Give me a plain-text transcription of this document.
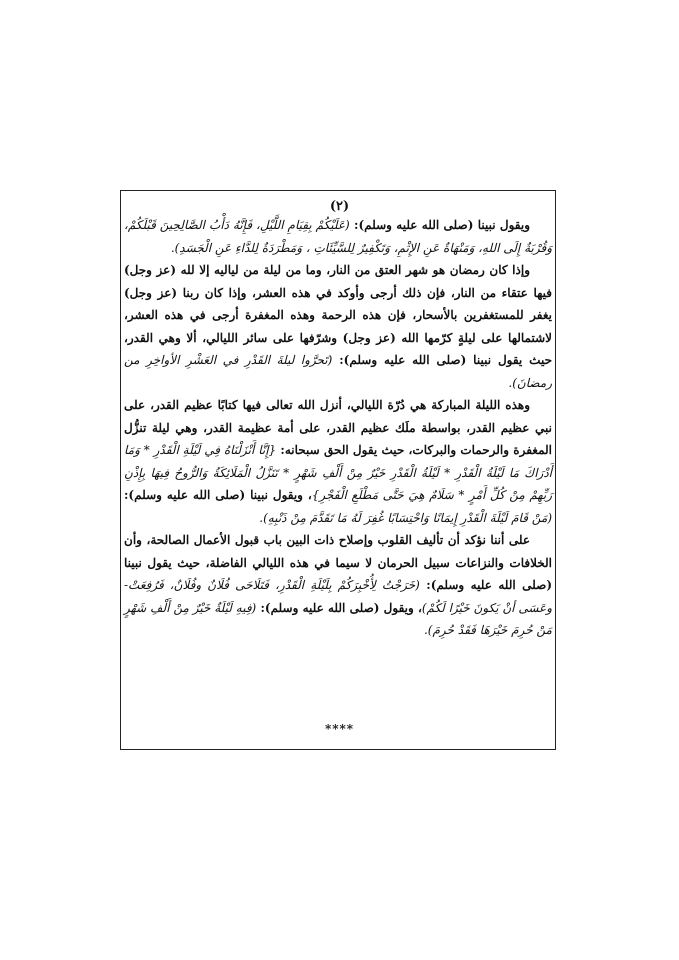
(٢)

ويقول نبينا (صلى الله عليه وسلم): (عَلَيْكُمْ بِقِيَامِ اللَّيْلِ، فَإِنَّهُ دَأْبُ الصَّالِحِينَ قَبْلَكُمْ، وَقُرْبَةٌ إِلَى اللهِ، وَمَنْهَاةٌ عَنِ الإِثْمِ، وَتَكْفِيرٌ لِلسَّيِّئَاتِ ، وَمَطْرَدَةٌ لِلدَّاءِ عَنِ الْجَسَدِ).

وإذا كان رمضان هو شهر العتق من النار، وما من ليلة من لياليه إلا لله (عز وجل) فيها عتقاء من النار، فإن ذلك أرجى وأوكد في هذه العشر، وإذا كان ربنا (عز وجل) يغفر للمستغفرين بالأسحار، فإن هذه الرحمة وهذه المغفرة أرجى في هذه العشر، لاشتمالها على ليلةٍ كرّمها الله (عز وجل) وشرّفها على سائر الليالي، ألا وهي القدر، حيث يقول نبينا (صلى الله عليه وسلم): (تَحرَّوا ليلةَ القَدْرِ في العَشْرِ الأواخِرِ من رمضانَ).

وهذه الليلة المباركة هي دُرّة الليالي، أنزل الله تعالى فيها كتابًا عظيم القدر، على نبي عظيم القدر، بواسطة ملَك عظيم القدر، على أمة عظيمة القدر، وهي ليلة تنزُّل المغفرة والرحمات والبركات، حيث يقول الحق سبحانه: {إِنَّا أَنْزَلْنَاهُ فِي لَيْلَةِ الْقَدْرِ * وَمَا أَدْرَاكَ مَا لَيْلَةُ الْقَدْرِ * لَيْلَةُ الْقَدْرِ خَيْرٌ مِنْ أَلْفِ شَهْرٍ * تَنَزَّلُ الْمَلَائِكَةُ وَالرُّوحُ فِيهَا بِإِذْنِ رَبِّهِمْ مِنْ كُلِّ أَمْرٍ * سَلَامٌ هِيَ حَتَّى مَطْلَعِ الْفَجْرِ}، ويقول نبينا (صلى الله عليه وسلم): (مَنْ قَامَ لَيْلَةَ الْقَدْرِ إِيمَانًا وَاحْتِسَابًا غُفِرَ لَهُ مَا تَقَدَّمَ مِنْ ذَنْبِهِ).

على أننا نؤكد أن تأليف القلوب وإصلاح ذات البين باب قبول الأعمال الصالحة، وأن الخلافات والنزاعات سبيل الحرمان لا سيما في هذه الليالي الفاضلة، حيث يقول نبينا (صلى الله عليه وسلم): (خَرَجْتُ لِأُخْبِرَكُمْ بِلَيْلَةِ الْقَدْرِ، فَتَلَاحَى فُلَانٌ وفُلَانٌ، فَرُفِعَتْ- وعَسَى أنْ يَكونَ خَيْرًا لَكُمْ)، ويقول (صلى الله عليه وسلم): (فِيهِ لَيْلَةٌ خَيْرٌ مِنْ أَلْفِ شَهْرٍ مَنْ حُرِمَ خَيْرَهَا فَقَدْ حُرِمَ).

****
